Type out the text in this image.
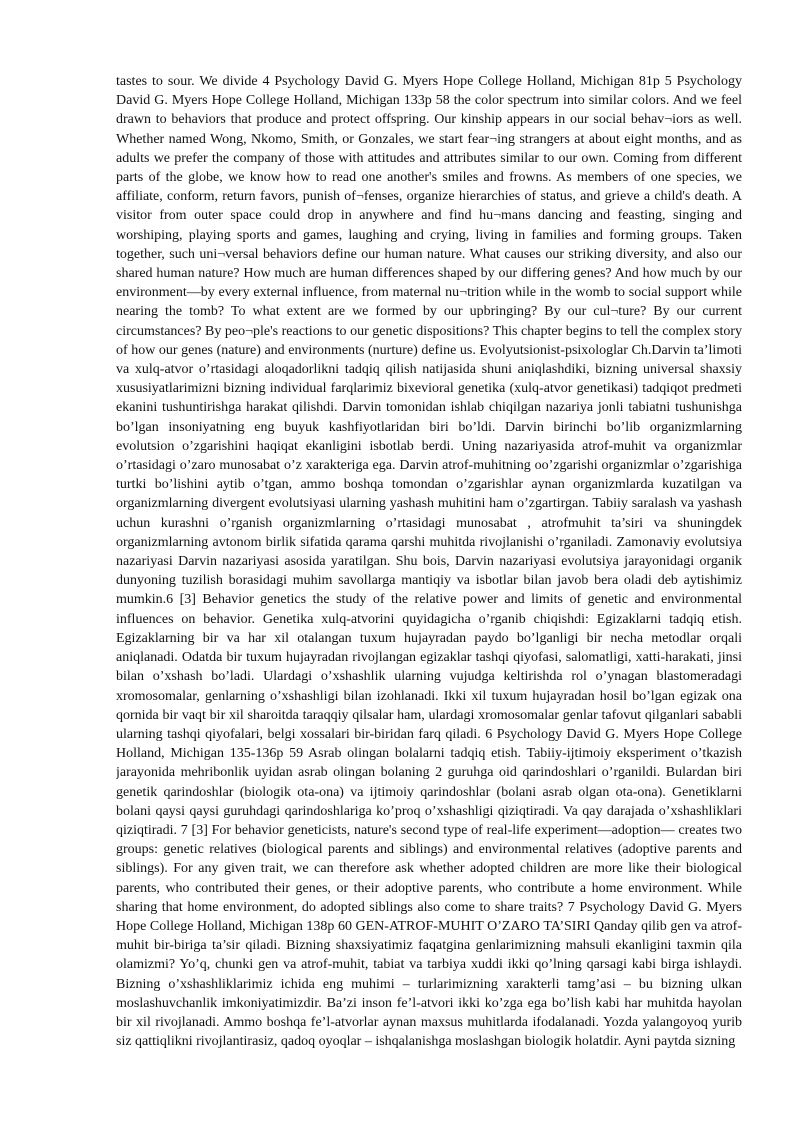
tastes to sour. We divide 4 Psychology David G. Myers Hope College Holland, Michigan 81p 5 Psychology David G. Myers Hope College Holland, Michigan 133p 58 the color spectrum into similar colors. And we feel drawn to behaviors that produce and protect offspring. Our kinship appears in our social behav¬iors as well. Whether named Wong, Nkomo, Smith, or Gonzales, we start fear¬ing strangers at about eight months, and as adults we prefer the company of those with attitudes and attributes similar to our own. Coming from different parts of the globe, we know how to read one another's smiles and frowns. As members of one species, we affiliate, conform, return favors, punish of¬fenses, organize hierarchies of status, and grieve a child's death. A visitor from outer space could drop in anywhere and find hu¬mans dancing and feasting, singing and worshiping, playing sports and games, laughing and crying, living in families and forming groups. Taken together, such uni¬versal behaviors define our human nature. What causes our striking diversity, and also our shared human nature? How much are human differences shaped by our differing genes? And how much by our environment—by every external influence, from maternal nu¬trition while in the womb to social support while nearing the tomb? To what extent are we formed by our upbringing? By our cul¬ture? By our current circumstances? By peo¬ple's reactions to our genetic dispositions? This chapter begins to tell the complex story of how our genes (nature) and environments (nurture) define us. Evolyutsionist-psixologlar Ch.Darvin ta’limoti va xulq-atvor o’rtasidagi aloqadorlikni tadqiq qilish natijasida shuni aniqlashdiki, bizning universal shaxsiy xususiyatlarimizni bizning individual farqlarimiz bixevioral genetika (xulq-atvor genetikasi) tadqiqot predmeti ekanini tushuntirishga harakat qilishdi. Darvin tomonidan ishlab chiqilgan nazariya jonli tabiatni tushunishga bo’lgan insoniyatning eng buyuk kashfiyotlaridan biri bo’ldi. Darvin birinchi bo’lib organizmlarning evolutsion o’zgarishini haqiqat ekanligini isbotlab berdi. Uning nazariyasida atrof-muhit va organizmlar o’rtasidagi o’zaro munosabat o’z xarakteriga ega. Darvin atrof-muhitning oo’zgarishi organizmlar o’zgarishiga turtki bo’lishini aytib o’tgan, ammo boshqa tomondan o’zgarishlar aynan organizmlarda kuzatilgan va organizmlarning divergent evolutsiyasi ularning yashash muhitini ham o’zgartirgan. Tabiiy saralash va yashash uchun kurashni o’rganish organizmlarning o’rtasidagi munosabat , atrofmuhit ta’siri va shuningdek organizmlarning avtonom birlik sifatida qarama qarshi muhitda rivojlanishi o’rganiladi. Zamonaviy evolutsiya nazariyasi Darvin nazariyasi asosida yaratilgan. Shu bois, Darvin nazariyasi evolutsiya jarayonidagi organik dunyoning tuzilish borasidagi muhim savollarga mantiqiy va isbotlar bilan javob bera oladi deb aytishimiz mumkin.6 [3] Behavior genetics the study of the relative power and limits of genetic and environmental influences on behavior. Genetika xulq-atvorini quyidagicha o’rganib chiqishdi: Egizaklarni tadqiq etish. Egizaklarning bir va har xil otalangan tuxum hujayradan paydo bo’lganligi bir necha metodlar orqali aniqlanadi. Odatda bir tuxum hujayradan rivojlangan egizaklar tashqi qiyofasi, salomatligi, xatti-harakati, jinsi bilan o’xshash bo’ladi. Ulardagi o’xshashlik ularning vujudga keltirishda rol o’ynagan blastomeradagi xromosomalar, genlarning o’xshashligi bilan izohlanadi. Ikki xil tuxum hujayradan hosil bo’lgan egizak ona qornida bir vaqt bir xil sharoitda taraqqiy qilsalar ham, ulardagi xromosomalar genlar tafovut qilganlari sababli ularning tashqi qiyofalari, belgi xossalari bir-biridan farq qiladi. 6 Psychology David G. Myers Hope College Holland, Michigan 135-136p 59 Asrab olingan bolalarni tadqiq etish. Tabiiy-ijtimoiy eksperiment o’tkazish jarayonida mehribonlik uyidan asrab olingan bolaning 2 guruhga oid qarindoshlari o’rganildi. Bulardan biri genetik qarindoshlar (biologik ota-ona) va ijtimoiy qarindoshlar (bolani asrab olgan ota-ona). Genetiklarni bolani qaysi qaysi guruhdagi qarindoshlariga ko’proq o’xshashligi qiziqtiradi. Va qay darajada o’xshashliklari qiziqtiradi. 7 [3] For behavior geneticists, nature's second type of real-life experiment—adoption— creates two groups: genetic relatives (biological parents and siblings) and environmental relatives (adoptive parents and siblings). For any given trait, we can therefore ask whether adopted children are more like their biological parents, who contributed their genes, or their adoptive parents, who contribute a home environment. While sharing that home environment, do adopted siblings also come to share traits? 7 Psychology David G. Myers Hope College Holland, Michigan 138p 60 GEN-ATROF-MUHIT O’ZARO TA’SIRI Qanday qilib gen va atrof-muhit bir-biriga ta’sir qiladi. Bizning shaxsiyatimiz faqatgina genlarimizning mahsuli ekanligini taxmin qila olamizmi? Yo’q, chunki gen va atrof-muhit, tabiat va tarbiya xuddi ikki qo’lning qarsagi kabi birga ishlaydi. Bizning o’xshashliklarimiz ichida eng muhimi – turlarimizning xarakterli tamg’asi – bu bizning ulkan moslashuvchanlik imkoniyatimizdir. Ba’zi inson fe’l-atvori ikki ko’zga ega bo’lish kabi har muhitda hayolan bir xil rivojlanadi. Ammo boshqa fe’l-atvorlar aynan maxsus muhitlarda ifodalanadi. Yozda yalangoyoq yurib siz qattiqlikni rivojlantirasiz, qadoq oyoqlar – ishqalanishga moslashgan biologik holatdir. Ayni paytda sizning
